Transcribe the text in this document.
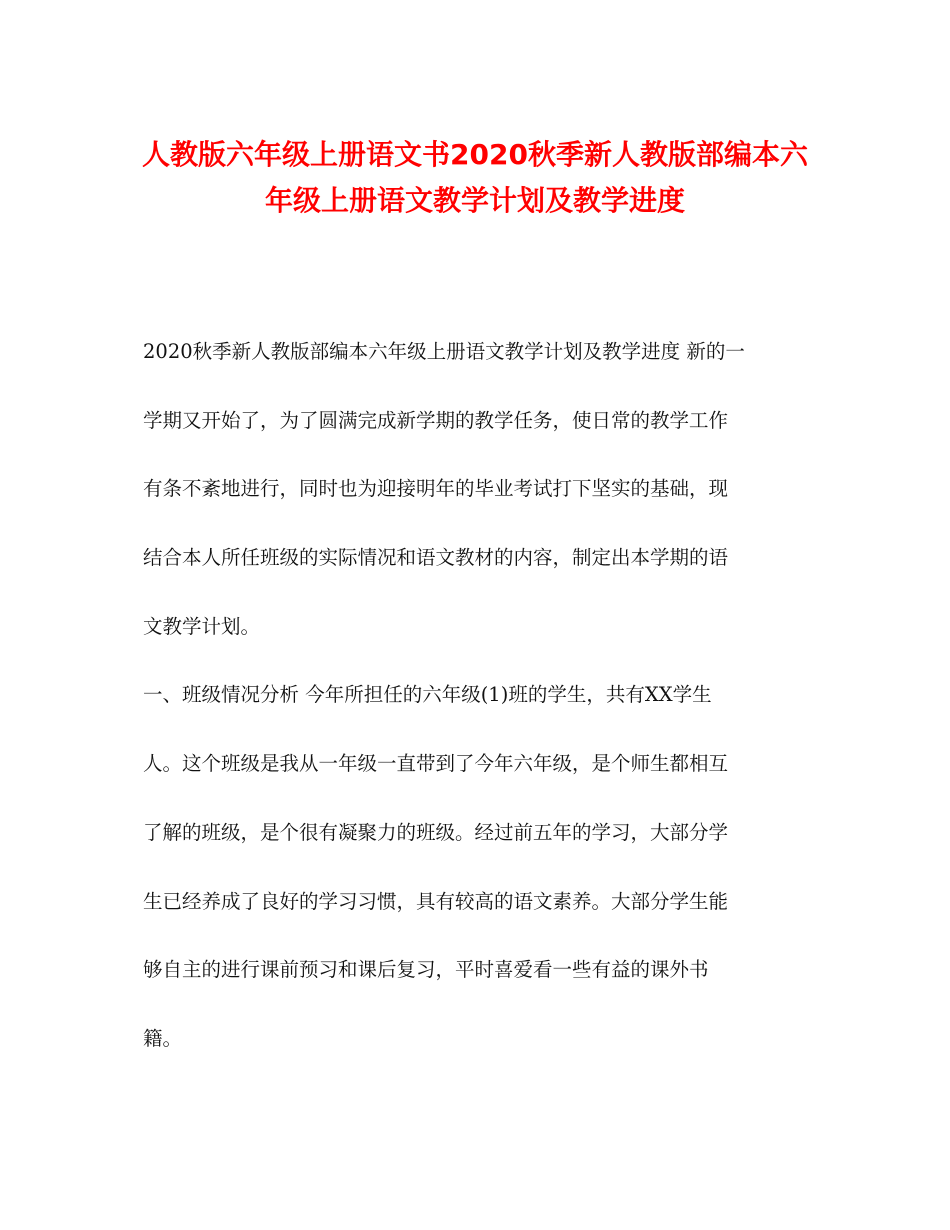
人教版六年级上册语文书2020秋季新人教版部编本六
年级上册语文教学计划及教学进度
2020秋季新人教版部编本六年级上册语文教学计划及教学进度 新的一
学期又开始了，为了圆满完成新学期的教学任务，使日常的教学工作
有条不紊地进行，同时也为迎接明年的毕业考试打下坚实的基础，现
结合本人所任班级的实际情况和语文教材的内容，制定出本学期的语
文教学计划。
一、班级情况分析 今年所担任的六年级(1)班的学生，共有XX学生
人。这个班级是我从一年级一直带到了今年六年级，是个师生都相互
了解的班级，是个很有凝聚力的班级。经过前五年的学习，大部分学
生已经养成了良好的学习习惯，具有较高的语文素养。大部分学生能
够自主的进行课前预习和课后复习，平时喜爱看一些有益的课外书
籍。
